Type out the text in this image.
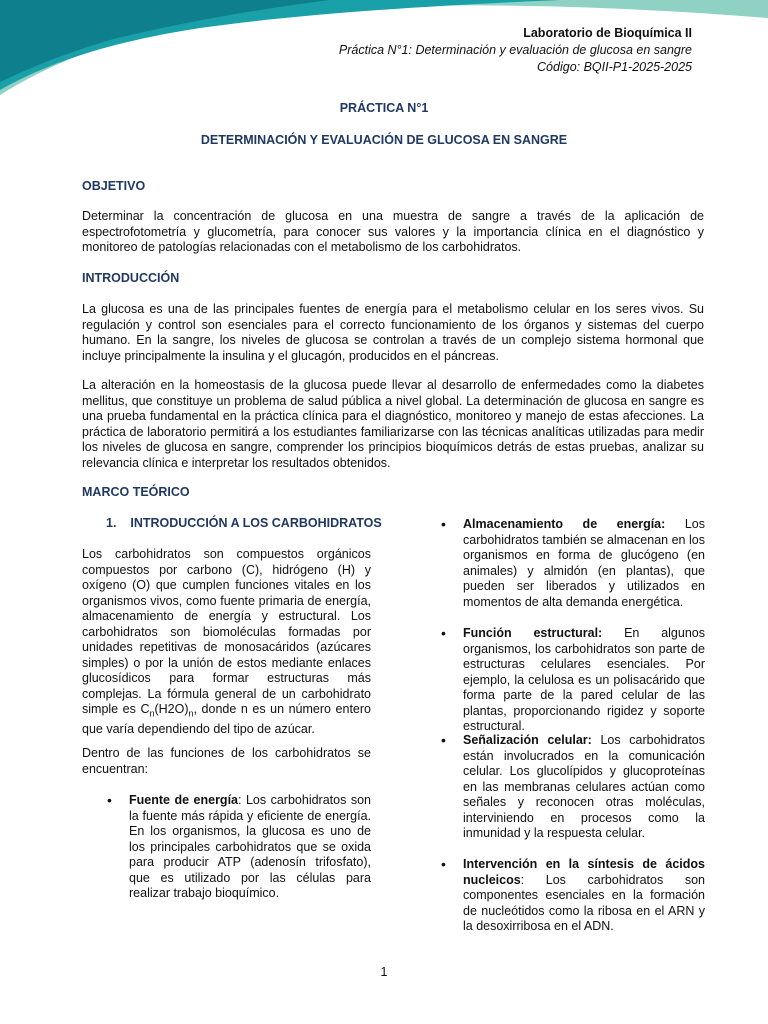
Laboratorio de Bioquímica II
Práctica N°1: Determinación y evaluación de glucosa en sangre
Código: BQII-P1-2025-2025
PRÁCTICA N°1
DETERMINACIÓN Y EVALUACIÓN DE GLUCOSA EN SANGRE
OBJETIVO

Determinar la concentración de glucosa en una muestra de sangre a través de la aplicación de espectrofotometría y glucometría, para conocer sus valores y la importancia clínica en el diagnóstico y monitoreo de patologías relacionadas con el metabolismo de los carbohidratos.

INTRODUCCIÓN

La glucosa es una de las principales fuentes de energía para el metabolismo celular en los seres vivos. Su regulación y control son esenciales para el correcto funcionamiento de los órganos y sistemas del cuerpo humano. En la sangre, los niveles de glucosa se controlan a través de un complejo sistema hormonal que incluye principalmente la insulina y el glucagón, producidos en el páncreas.

La alteración en la homeostasis de la glucosa puede llevar al desarrollo de enfermedades como la diabetes mellitus, que constituye un problema de salud pública a nivel global. La determinación de glucosa en sangre es una prueba fundamental en la práctica clínica para el diagnóstico, monitoreo y manejo de estas afecciones. La práctica de laboratorio permitirá a los estudiantes familiarizarse con las técnicas analíticas utilizadas para medir los niveles de glucosa en sangre, comprender los principios bioquímicos detrás de estas pruebas, analizar su relevancia clínica e interpretar los resultados obtenidos.

MARCO TEÓRICO
1. INTRODUCCIÓN A LOS CARBOHIDRATOS

Los carbohidratos son compuestos orgánicos compuestos por carbono (C), hidrógeno (H) y oxígeno (O) que cumplen funciones vitales en los organismos vivos, como fuente primaria de energía, almacenamiento de energía y estructural. Los carbohidratos son biomoléculas formadas por unidades repetitivas de monosacáridos (azúcares simples) o por la unión de estos mediante enlaces glucosídicos para formar estructuras más complejas. La fórmula general de un carbohidrato simple es $C_n(H2O)_n$, donde n es un número entero que varía dependiendo del tipo de azúcar.

Dentro de las funciones de los carbohidratos se encuentran:

• Fuente de energía: Los carbohidratos son la fuente más rápida y eficiente de energía. En los organismos, la glucosa es uno de los principales carbohidratos que se oxida para producir ATP (adenosín trifosfato), que es utilizado por las células para realizar trabajo bioquímico.
• Almacenamiento de energía: Los carbohidratos también se almacenan en los organismos en forma de glucógeno (en animales) y almidón (en plantas), que pueden ser liberados y utilizados en momentos de alta demanda energética.
• Función estructural: En algunos organismos, los carbohidratos son parte de estructuras celulares esenciales. Por ejemplo, la celulosa es un polisacárido que forma parte de la pared celular de las plantas, proporcionando rigidez y soporte estructural.
• Señalización celular: Los carbohidratos están involucrados en la comunicación celular. Los glucolípidos y glucoproteínas en las membranas celulares actúan como señales y reconocen otras moléculas, interviniendo en procesos como la inmunidad y la respuesta celular.
• Intervención en la síntesis de ácidos nucleicos: Los carbohidratos son componentes esenciales en la formación de nucleótidos como la ribosa en el ARN y la desoxirribosa en el ADN.
1
